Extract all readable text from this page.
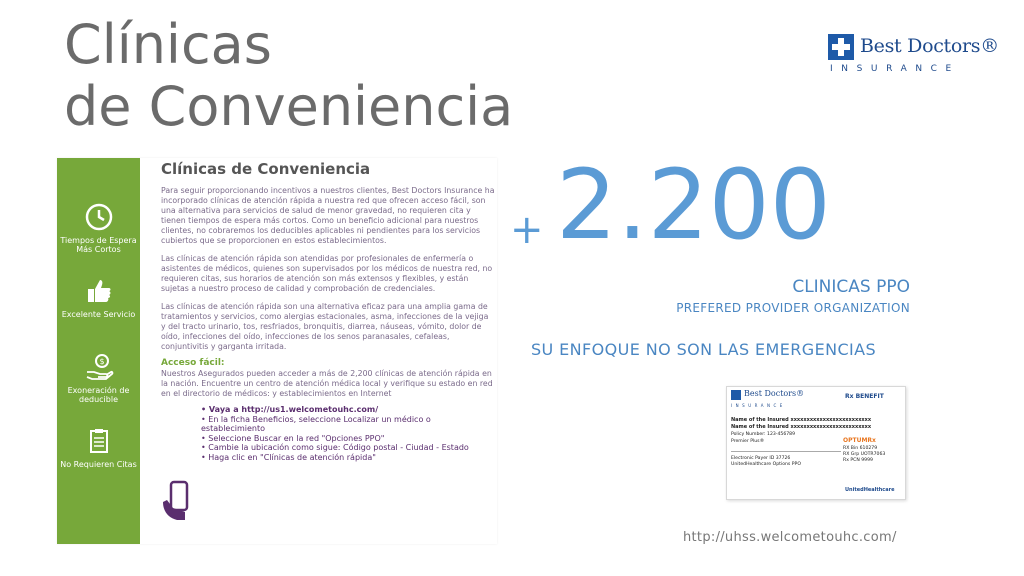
Clínicas
de Conveniencia
Best Doctors®
INSURANCE
Tiempos de Espera Más Cortos
Excelente Servicio
$
Exoneración de deducible
No Requieren Citas
Clínicas de Conveniencia
Para seguir proporcionando incentivos a nuestros clientes, Best Doctors Insurance ha incorporado clínicas de atención rápida a nuestra red que ofrecen acceso fácil, son una alternativa para servicios de salud de menor gravedad, no requieren cita y tienen tiempos de espera más cortos. Como un beneficio adicional para nuestros clientes, no cobraremos los deducibles aplicables ni pendientes para los servicios cubiertos que se proporcionen en estos establecimientos.
Las clínicas de atención rápida son atendidas por profesionales de enfermería o asistentes de médicos, quienes son supervisados por los médicos de nuestra red, no requieren citas, sus horarios de atención son más extensos y flexibles, y están sujetas a nuestro proceso de calidad y comprobación de credenciales.
Las clínicas de atención rápida son una alternativa eficaz para una amplia gama de tratamientos y servicios, como alergias estacionales, asma, infecciones de la vejiga y del tracto urinario, tos, resfriados, bronquitis, diarrea, náuseas, vómito, dolor de oído, infecciones del oído, infecciones de los senos paranasales, cefaleas, conjuntivitis y garganta irritada.
Acceso fácil:
Nuestros Asegurados pueden acceder a más de 2,200 clínicas de atención rápida en la nación. Encuentre un centro de atención médica local y verifique su estado en red en el directorio de médicos: y establecimientos en Internet
• Vaya a http://us1.welcometouhc.com/
• En la ficha Beneficios, seleccione Localizar un médico o establecimiento
• Seleccione Buscar en la red "Opciones PPO"
• Cambie la ubicación como sigue: Código postal - Ciudad - Estado
• Haga clic en "Clínicas de atención rápida"
+ 2.200
CLINICAS PPO
PREFERED PROVIDER ORGANIZATION
SU ENFOQUE NO SON LAS EMERGENCIAS
Best Doctors®
INSURANCE
Rx BENEFIT
Name of the Insured xxxxxxxxxxxxxxxxxxxxxxxxx
Name of the Insured xxxxxxxxxxxxxxxxxxxxxxxxx
Policy Number: 123-456789
Premier Plus®	OPTUMRx
RX Bin 610279
RX Grp UOTR7063
Rx PCN 9999
Electronic Payer ID 37726
UnitedHealthcare Options PPO
UnitedHealthcare
http://uhss.welcometouhc.com/
